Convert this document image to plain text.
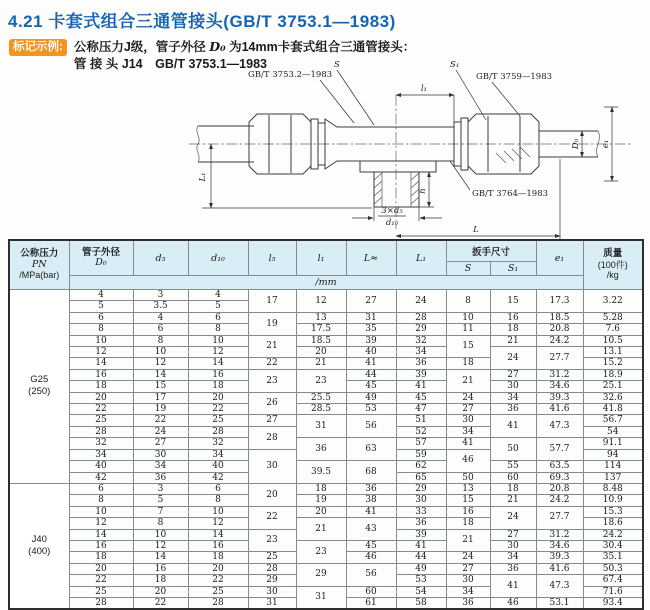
4.21 卡套式组合三通管接头(GB/T 3753.1—1983)
标记示例: 公称压力J级，管子外径 D₀ 为14mm卡套式组合三通管接头：
管 接 头 J14　GB/T 3753.1—1983
l₁
L₁
h
3×d₅
d₁₀
L
D₀ e₁
GB/T 3753.2—1983
S	S₁
GB/T 3759—1983
GB/T 3764—1983
公称压力
PN
/MPa(bar)

管子外径
D₀	d₅	d₁₀	l₅	l₁	L≈	L₁	扳手尺寸	e₁	质量
(100件)
/kg

								S	S₁		
	/mm										

G25
(250)	4	3	4	17	12	27	24	8	15	17.3	3.22
	5	3.5	5								
	6	4	6	19	13	31	28	10	16	18.5	5.28
	8	6	8		17.5	35	29	11	18	20.8	7.6
	10	8	10	21	18.5	39	32	15	21	24.2	10.5
	12	10	12		20	40	34		24	27.7	13.1
	14	12	14	22	21	41	36	18			15.2
	16	14	16	23	23	44	39	21	27	31.2	18.9
	18	15	18			45	41		30	34.6	25.1
	20	17	20	26	25.5	49	45	24	34	39.3	32.6
	22	19	22		28.5	53	47	27	36	41.6	41.8
	25	22	25	27	31	56	51	30	41	47.3	56.7
	28	24	28	28			52	34			54
	32	27	32		36	63	57	41	50	57.7	91.1
	34	30	34	30			59	46			94
	40	34	40		39.5	68	62		55	63.5	114
	42	36	42				65	50	60	69.3	137

J40
(400)	6	3	6	20	18	36	29	13	18	20.8	8.48
	8	5	8		19	38	30	15	21	24.2	10.9
	10	7	10	22	20	41	33	16	24	27.7	15.3
	12	8	12		21	43	36	18			18.6
	14	10	14	23			39	21	27	31.2	24.2
	16	12	16		23	45	41		30	34.6	30.4
	18	14	18	25		46	44	24	34	39.3	35.1
	20	16	20	28	29	56	49	27	36	41.6	50.3
	22	18	22	29			53	30	41	47.3	67.4
	25	20	25	30	31	60	54	34			71.6
	28	22	28	31		61	58	36	46	53.1	93.4
